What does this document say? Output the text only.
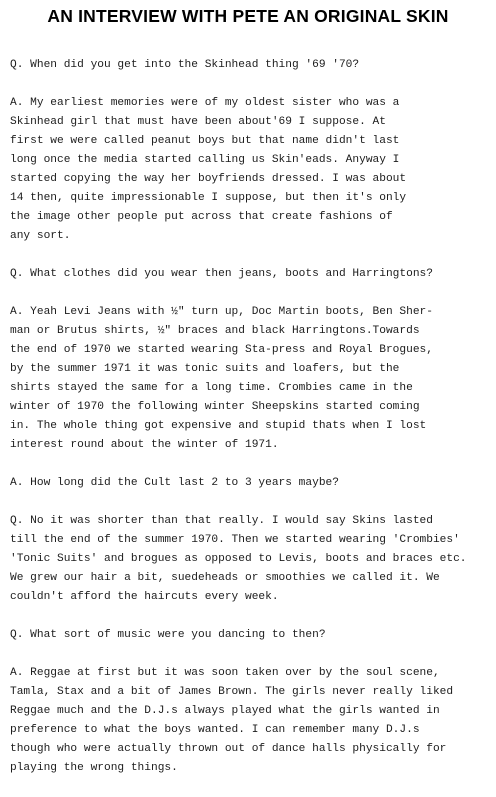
AN INTERVIEW WITH PETE AN ORIGINAL SKIN
Q. When did you get into the Skinhead thing '69 '70?
A. My earliest memories were of my oldest sister who was a
Skinhead girl that must have been about'69 I suppose. At
first we were called peanut boys but that name didn't last
long once the media started calling us Skin'eads. Anyway I
started copying the way her boyfriends dressed. I was about
14 then, quite impressionable I suppose, but then it's only
the image other people put across that create fashions of
any sort.
Q. What clothes did you wear then jeans, boots and Harringtons?
A. Yeah Levi Jeans with ½" turn up, Doc Martin boots, Ben Sher-
man or Brutus shirts, ½" braces and black Harringtons.Towards
the end of 1970 we started wearing Sta-press and Royal Brogues,
by the summer 1971 it was tonic suits and loafers, but the
shirts stayed the same for a long time. Crombies came in the
winter of 1970 the following winter Sheepskins started coming
in. The whole thing got expensive and stupid thats when I lost
interest round about the winter of 1971.
A. How long did the Cult last 2 to 3 years maybe?
Q. No it was shorter than that really. I would say Skins lasted
till the end of the summer 1970. Then we started wearing 'Crombies'
'Tonic Suits' and brogues as opposed to Levis, boots and braces etc.
We grew our hair a bit, suedeheads or smoothies we called it. We
couldn't afford the haircuts every week.
Q. What sort of music were you dancing to then?
A. Reggae at first but it was soon taken over by the soul scene,
Tamla, Stax and a bit of James Brown. The girls never really liked
Reggae much and the D.J.s always played what the girls wanted in
preference to what the boys wanted. I can remember many D.J.s
though who were actually thrown out of dance halls physically for
playing the wrong things.
